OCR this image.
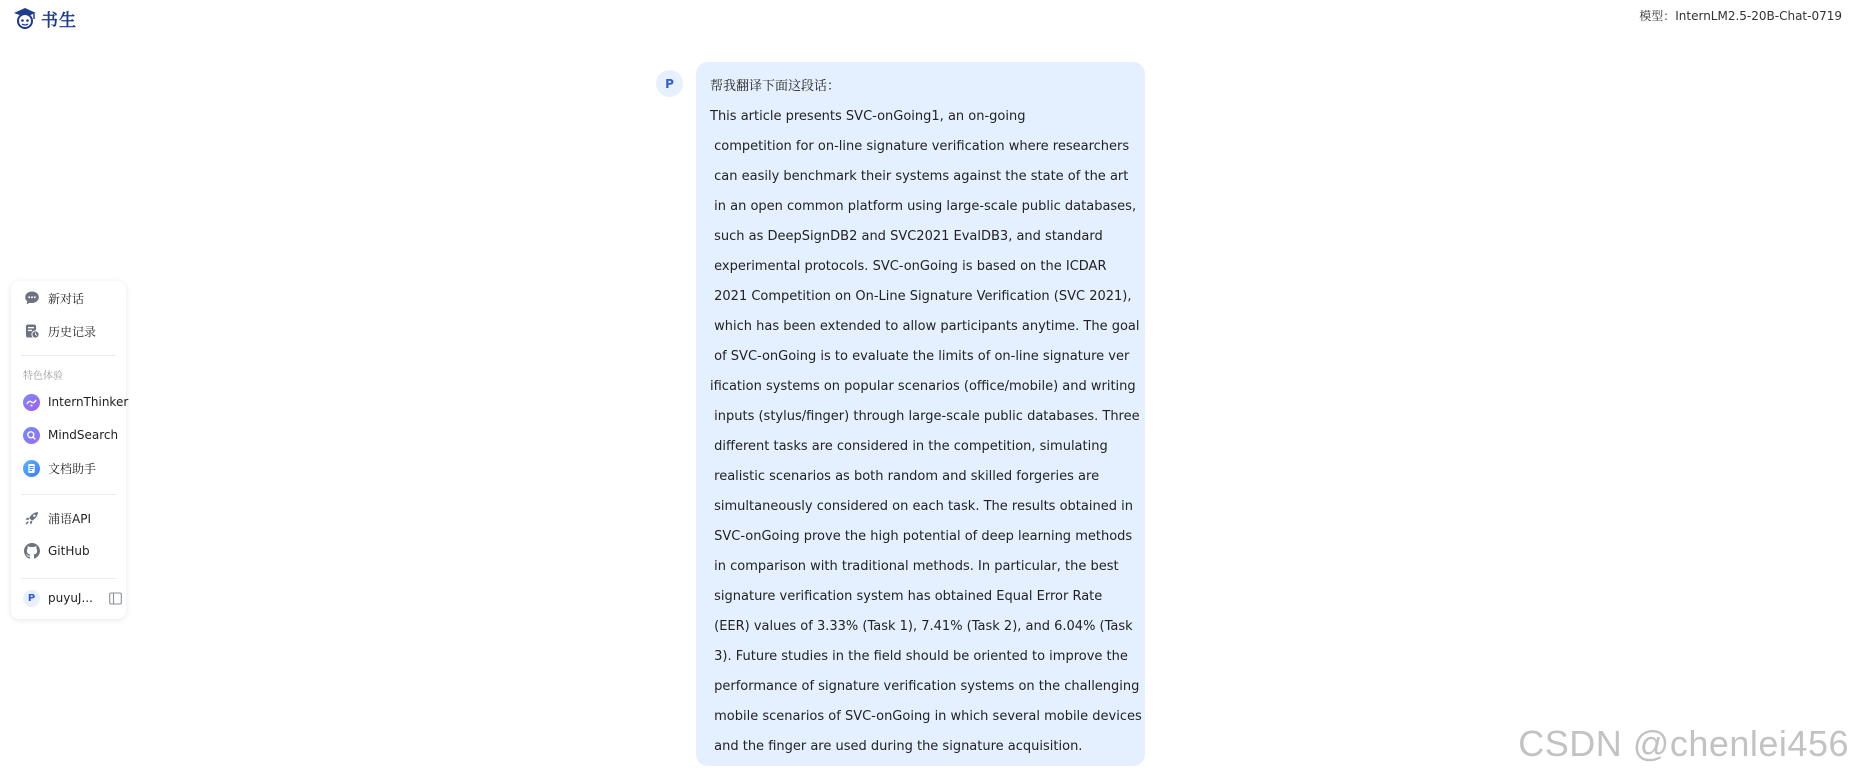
书生	模型：InternLM2.5-20B-Chat-0719
新对话
历史记录
特色体验
InternThinker
MindSearch
文档助手
浦语API
GitHub
P	puyuJ...
P	帮我翻译下面这段话：
This article presents SVC-onGoing1, an on-going
competition for on-line signature verification where researchers
can easily benchmark their systems against the state of the art
in an open common platform using large-scale public databases,
such as DeepSignDB2 and SVC2021 EvalDB3, and standard
experimental protocols. SVC-onGoing is based on the ICDAR
2021 Competition on On-Line Signature Verification (SVC 2021),
which has been extended to allow participants anytime. The goal
of SVC-onGoing is to evaluate the limits of on-line signature ver
ification systems on popular scenarios (office/mobile) and writing
inputs (stylus/finger) through large-scale public databases. Three
different tasks are considered in the competition, simulating
realistic scenarios as both random and skilled forgeries are
simultaneously considered on each task. The results obtained in
SVC-onGoing prove the high potential of deep learning methods
in comparison with traditional methods. In particular, the best
signature verification system has obtained Equal Error Rate
(EER) values of 3.33% (Task 1), 7.41% (Task 2), and 6.04% (Task
3). Future studies in the field should be oriented to improve the
performance of signature verification systems on the challenging
mobile scenarios of SVC-onGoing in which several mobile devices
and the finger are used during the signature acquisition.	CSDN @chenlei456
